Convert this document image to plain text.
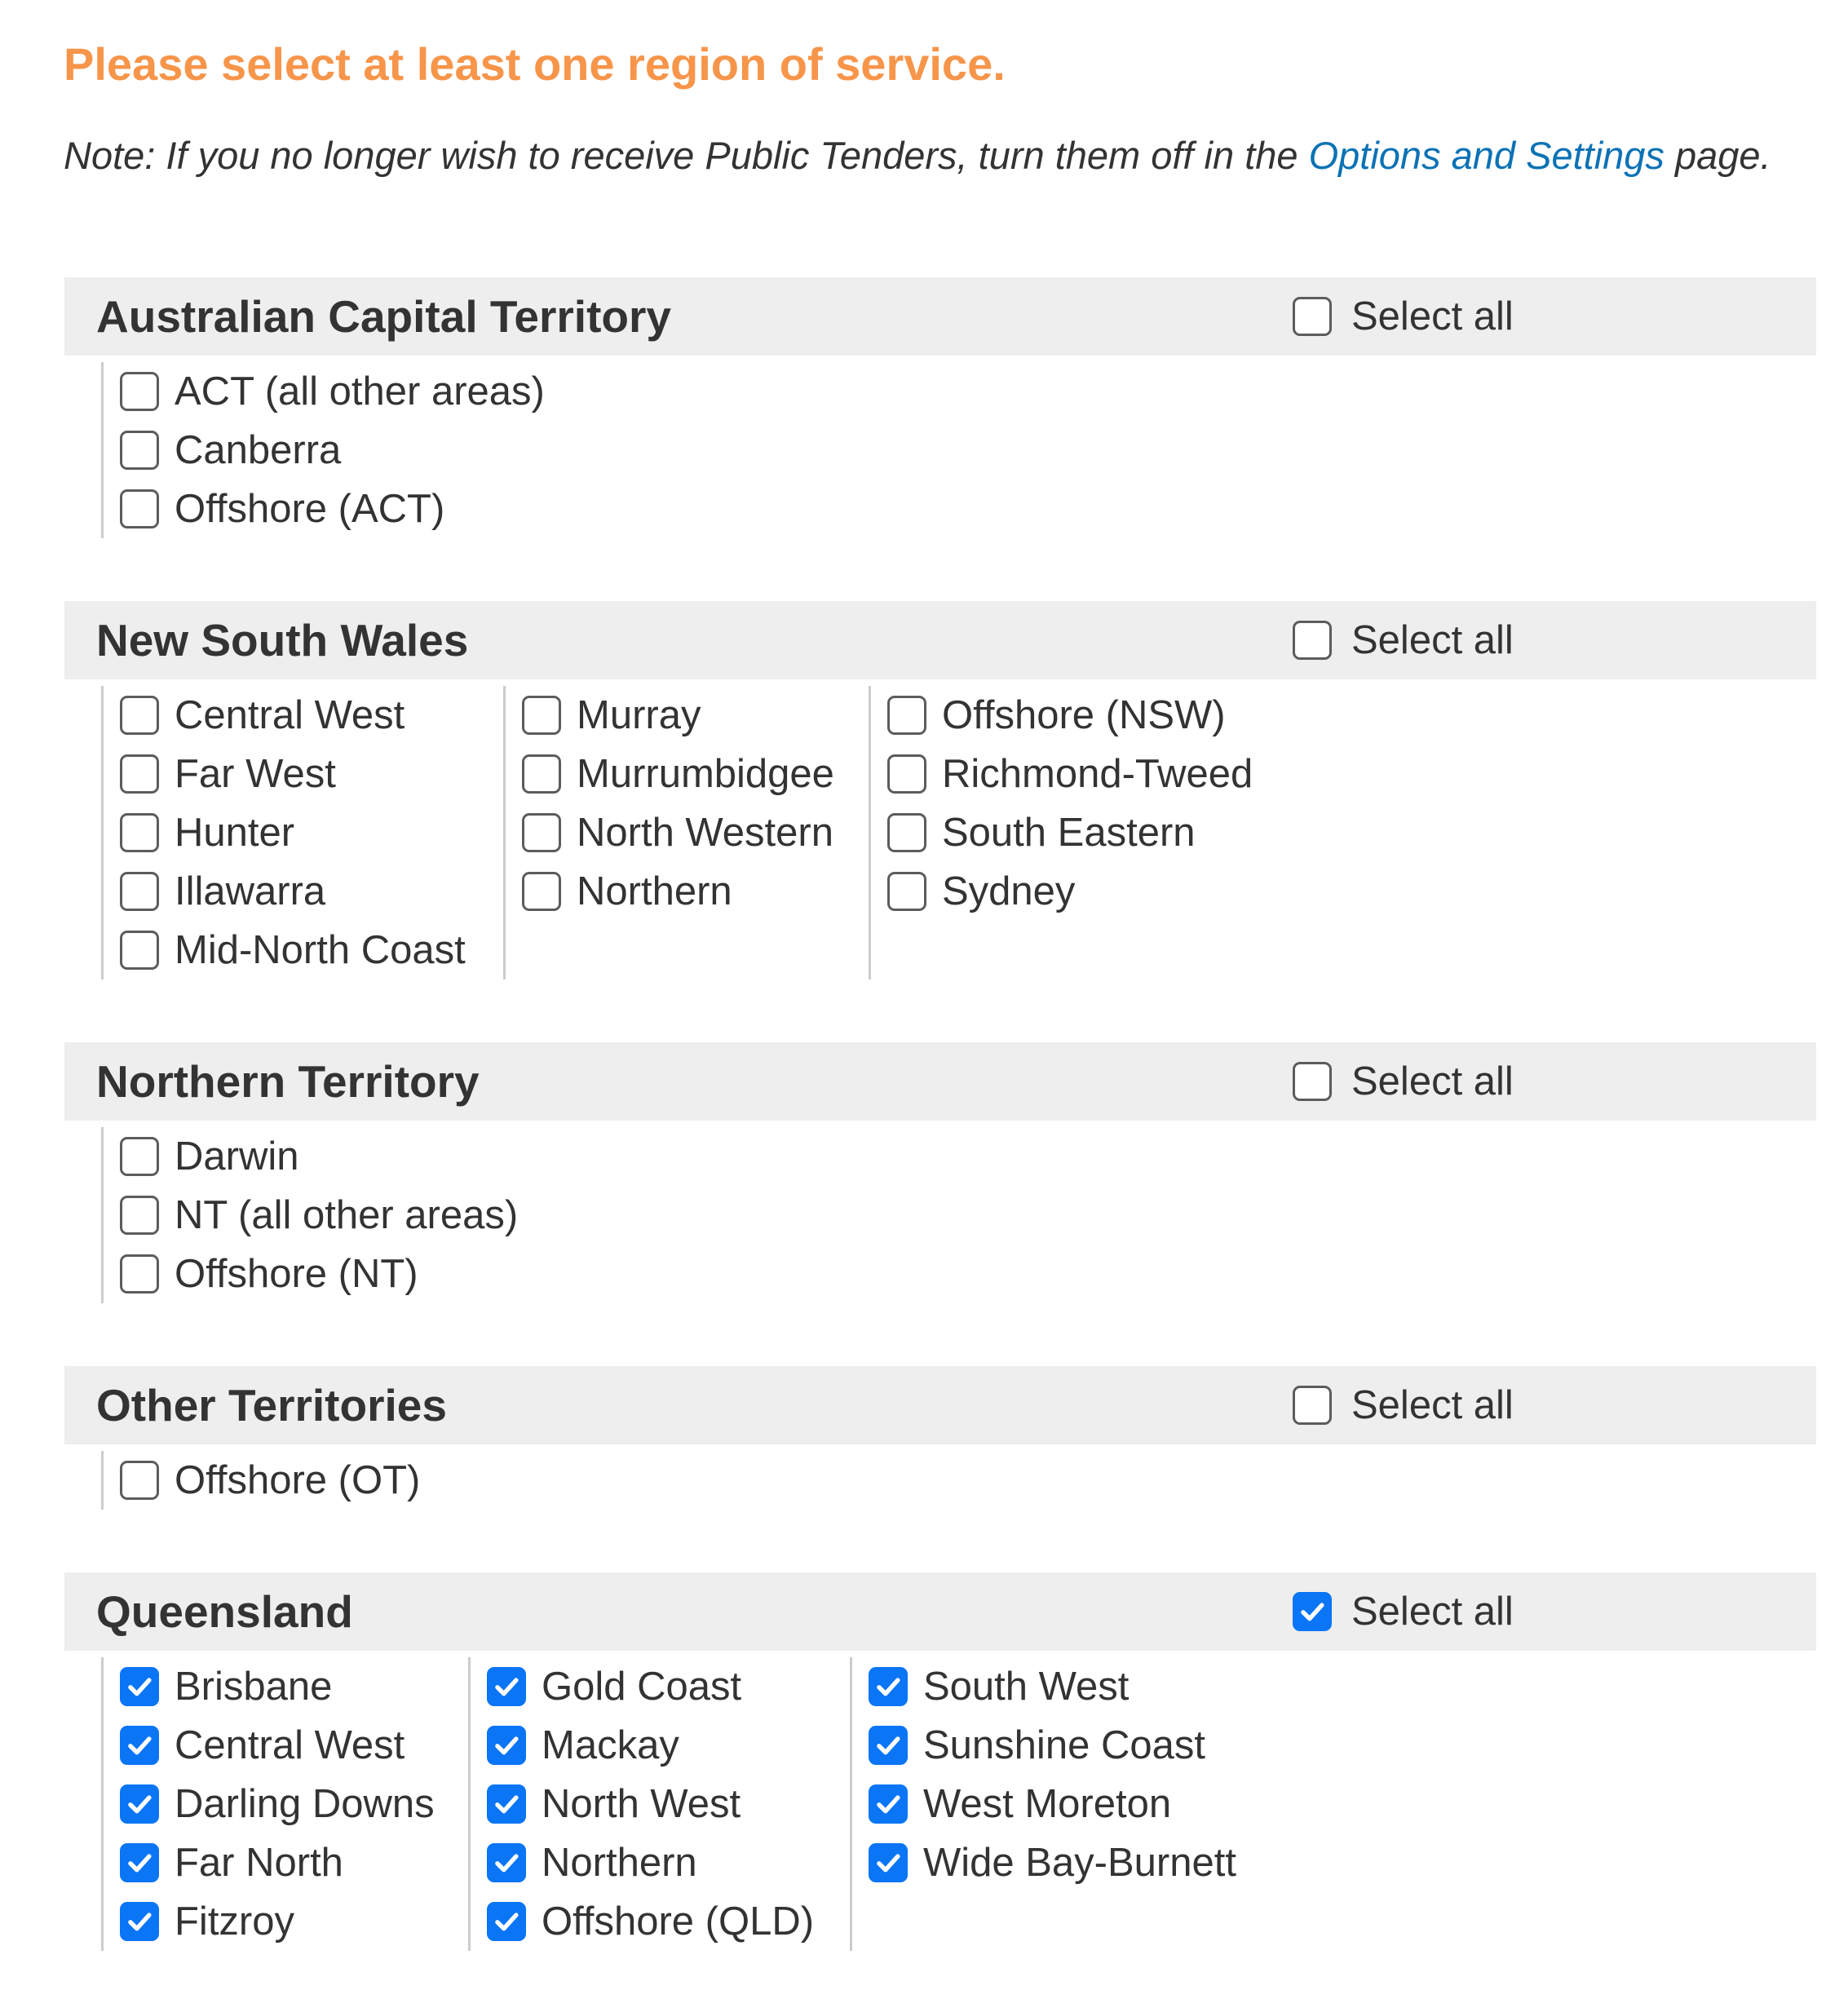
Please select at least one region of service.

Note: If you no longer wish to receive Public Tenders, turn them off in the Options and Settings page.

Australian Capital Territory	Select all
ACT (all other areas)
Canberra
Offshore (ACT)
New South Wales	Select all
Central West
Far West
Hunter
Illawarra
Mid-North Coast
Murray
Murrumbidgee
North Western
Northern
Offshore (NSW)
Richmond-Tweed
South Eastern
Sydney
Northern Territory	Select all
Darwin
NT (all other areas)
Offshore (NT)
Other Territories	Select all
Offshore (OT)
Queensland	Select all
Brisbane
Central West
Darling Downs
Far North
Fitzroy
Gold Coast
Mackay
North West
Northern
Offshore (QLD)
South West
Sunshine Coast
West Moreton
Wide Bay-Burnett
